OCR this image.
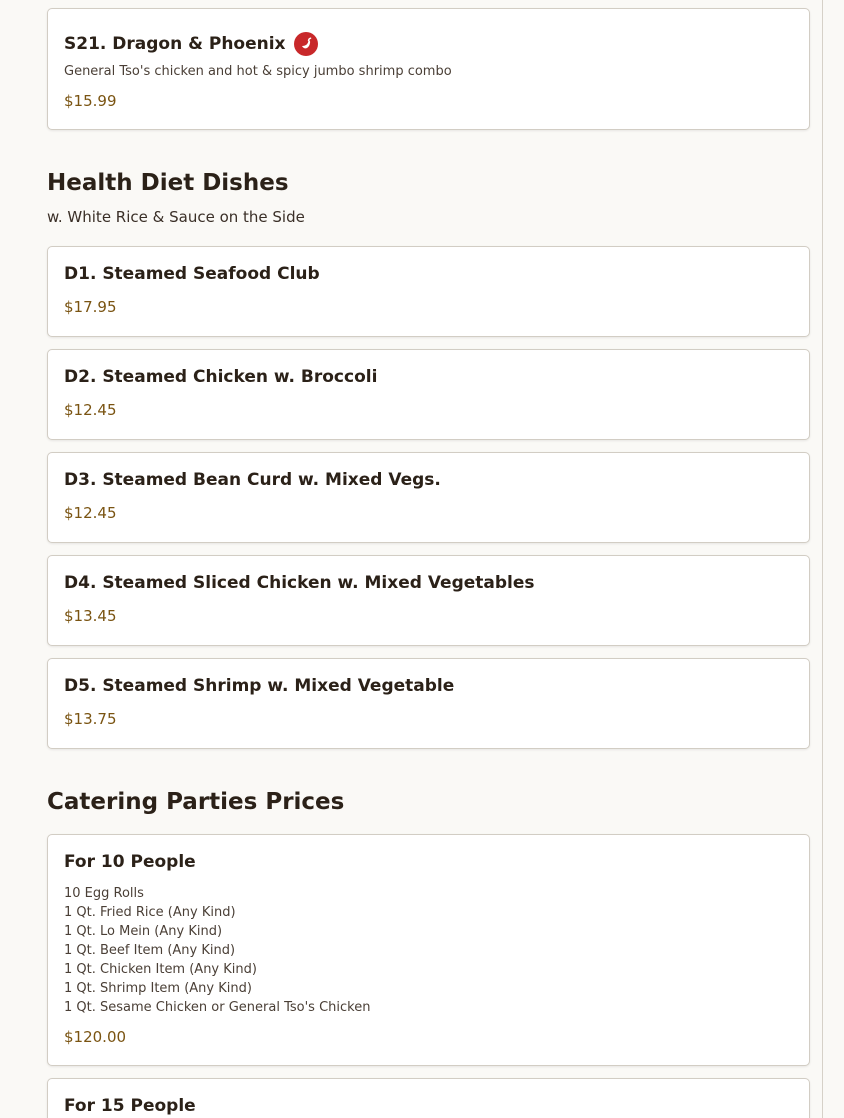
S21. Dragon & Phoenix
General Tso's chicken and hot & spicy jumbo shrimp combo
$15.99
Health Diet Dishes
w. White Rice & Sauce on the Side
D1. Steamed Seafood Club
$17.95
D2. Steamed Chicken w. Broccoli
$12.45
D3. Steamed Bean Curd w. Mixed Vegs.
$12.45
D4. Steamed Sliced Chicken w. Mixed Vegetables
$13.45
D5. Steamed Shrimp w. Mixed Vegetable
$13.75
Catering Parties Prices
For 10 People
10 Egg Rolls
1 Qt. Fried Rice (Any Kind)
1 Qt. Lo Mein (Any Kind)
1 Qt. Beef Item (Any Kind)
1 Qt. Chicken Item (Any Kind)
1 Qt. Shrimp Item (Any Kind)
1 Qt. Sesame Chicken or General Tso's Chicken
$120.00
For 15 People
